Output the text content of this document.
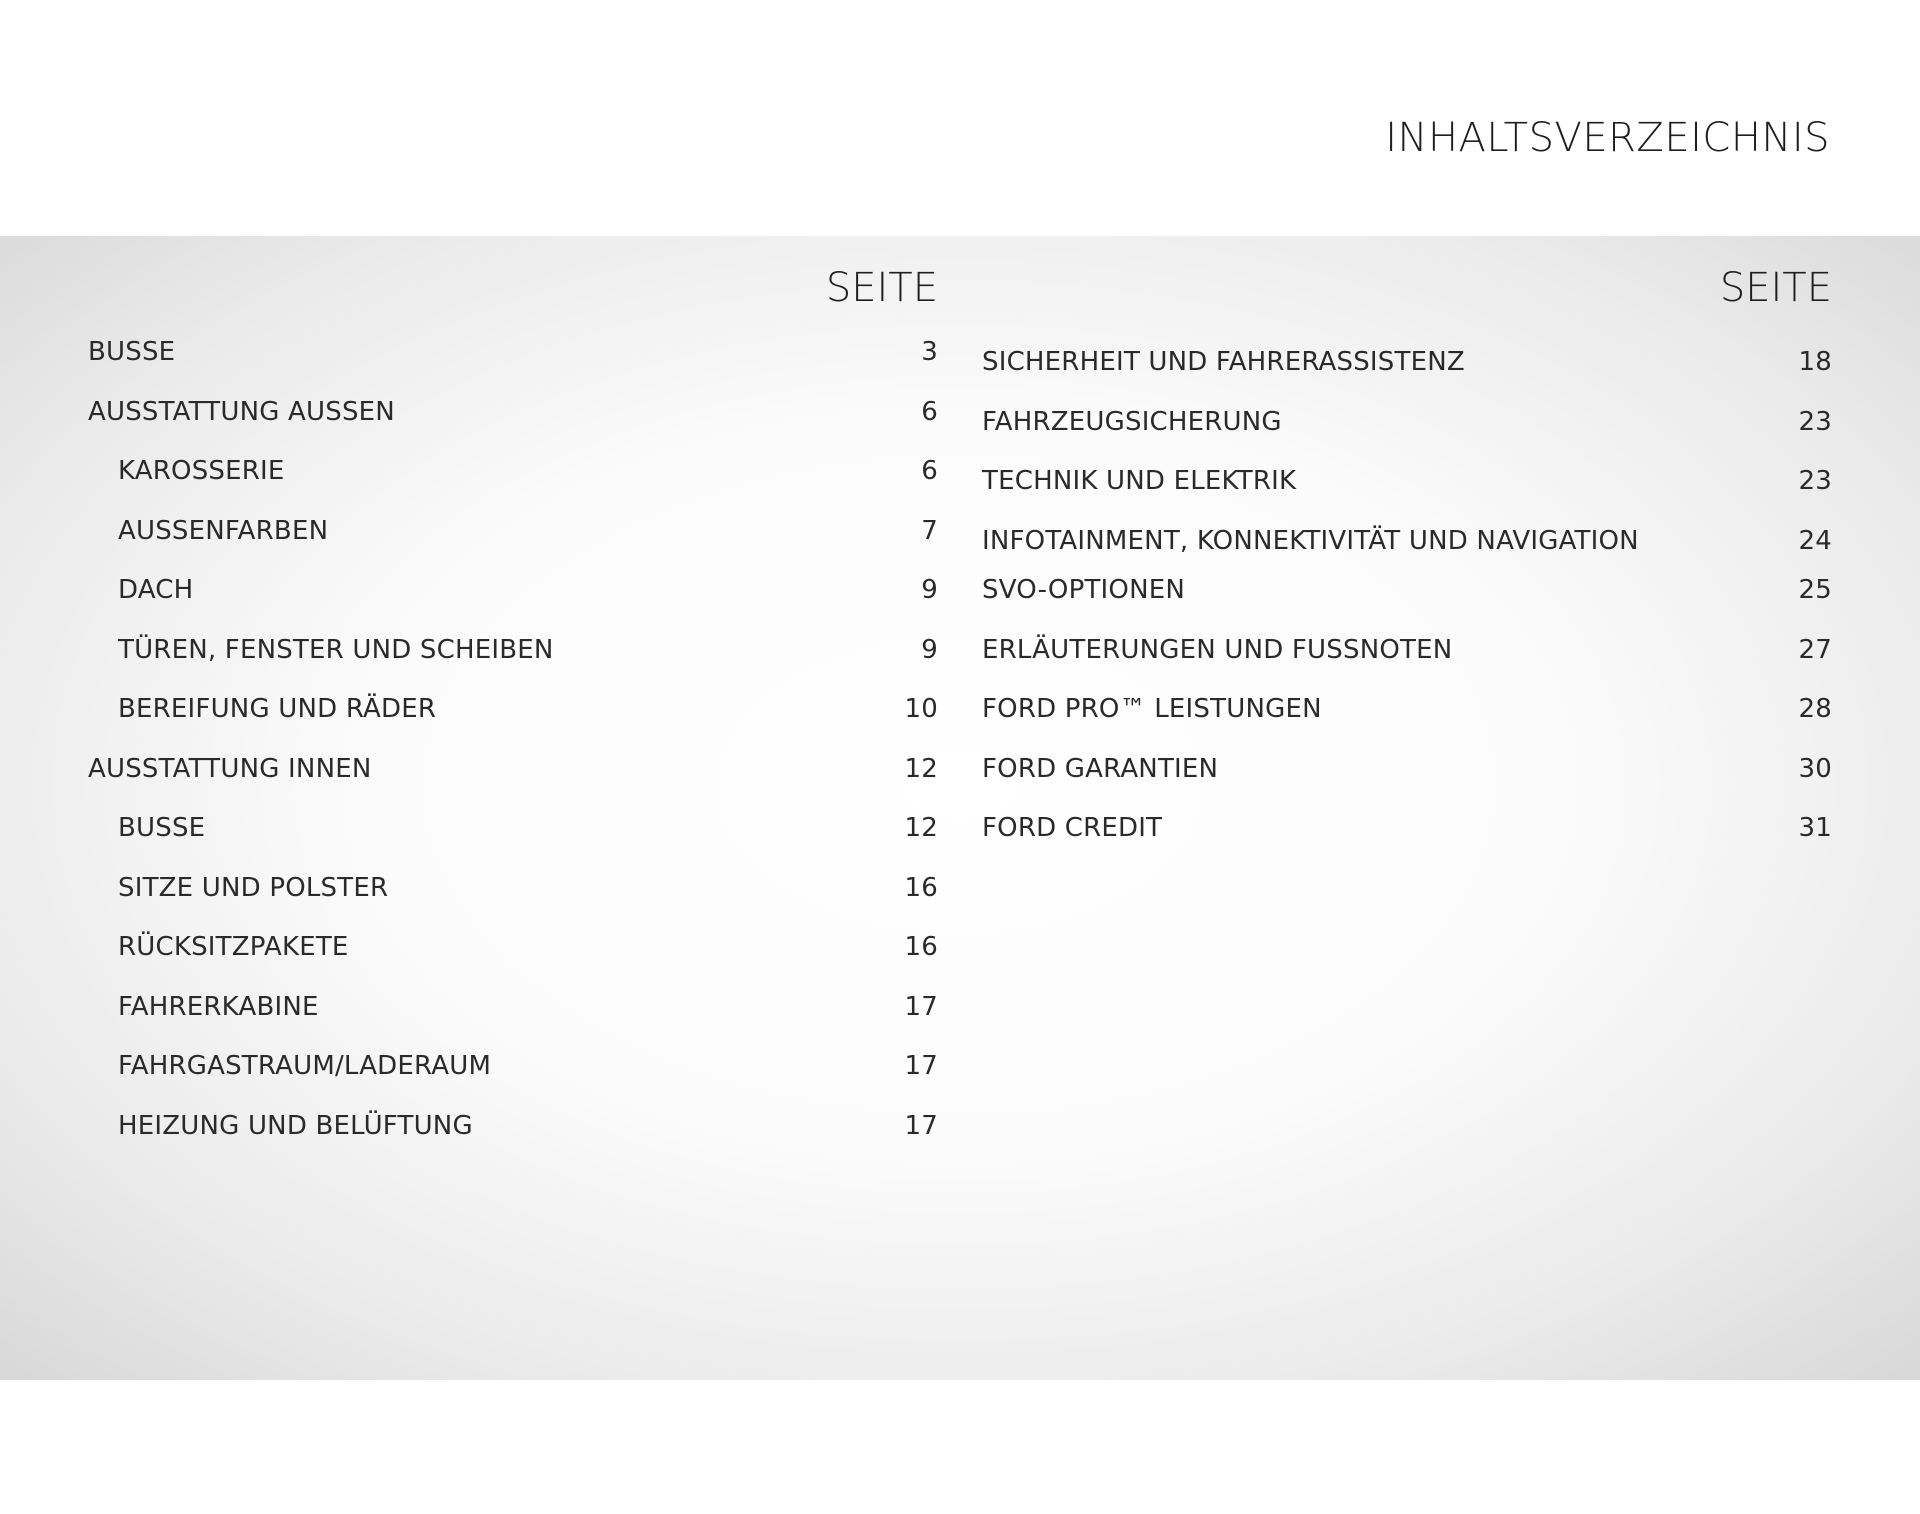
INHALTSVERZEICHNIS
SEITE
BUSSE	3
AUSSTATTUNG AUSSEN	6
KAROSSERIE	6
AUSSENFARBEN	7
DACH	9
TÜREN, FENSTER UND SCHEIBEN	9
BEREIFUNG UND RÄDER	10
AUSSTATTUNG INNEN	12
BUSSE	12
SITZE UND POLSTER	16
RÜCKSITZPAKETE	16
FAHRERKABINE	17
FAHRGASTRAUM/LADERAUM	17
HEIZUNG UND BELÜFTUNG	17
SEITE
SICHERHEIT UND FAHRERASSISTENZ	18
FAHRZEUGSICHERUNG	23
TECHNIK UND ELEKTRIK	23
INFOTAINMENT, KONNEKTIVITÄT UND NAVIGATION	24
SVO-OPTIONEN	25
ERLÄUTERUNGEN UND FUSSNOTEN	27
FORD PRO™ LEISTUNGEN	28
FORD GARANTIEN	30
FORD CREDIT	31
